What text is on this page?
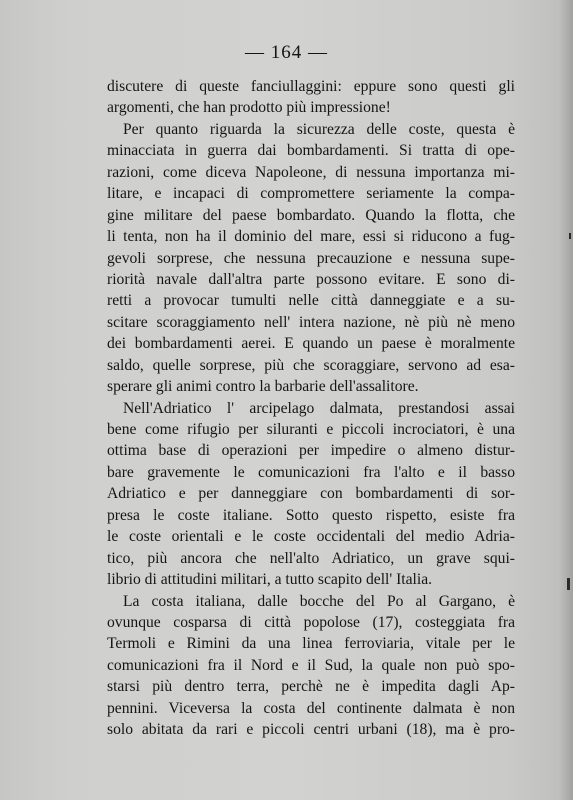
— 164 —
discutere di queste fanciullaggini: eppure sono questi gli
argomenti, che han prodotto più impressione!
Per quanto riguarda la sicurezza delle coste, questa è
minacciata in guerra dai bombardamenti. Si tratta di ope-
razioni, come diceva Napoleone, di nessuna importanza mi-
litare, e incapaci di compromettere seriamente la compa-
gine militare del paese bombardato. Quando la flotta, che
li tenta, non ha il dominio del mare, essi si riducono a fug-
gevoli sorprese, che nessuna precauzione e nessuna supe-
riorità navale dall'altra parte possono evitare. E sono di-
retti a provocar tumulti nelle città danneggiate e a su-
scitare scoraggiamento nell' intera nazione, nè più nè meno
dei bombardamenti aerei. E quando un paese è moralmente
saldo, quelle sorprese, più che scoraggiare, servono ad esa-
sperare gli animi contro la barbarie dell'assalitore.
Nell'Adriatico l' arcipelago dalmata, prestandosi assai
bene come rifugio per siluranti e piccoli incrociatori, è una
ottima base di operazioni per impedire o almeno distur-
bare gravemente le comunicazioni fra l'alto e il basso
Adriatico e per danneggiare con bombardamenti di sor-
presa le coste italiane. Sotto questo rispetto, esiste fra
le coste orientali e le coste occidentali del medio Adria-
tico, più ancora che nell'alto Adriatico, un grave squi-
librio di attitudini militari, a tutto scapito dell' Italia.
La costa italiana, dalle bocche del Po al Gargano, è
ovunque cosparsa di città popolose (17), costeggiata fra
Termoli e Rimini da una linea ferroviaria, vitale per le
comunicazioni fra il Nord e il Sud, la quale non può spo-
starsi più dentro terra, perchè ne è impedita dagli Ap-
pennini. Viceversa la costa del continente dalmata è non
solo abitata da rari e piccoli centri urbani (18), ma è pro-
